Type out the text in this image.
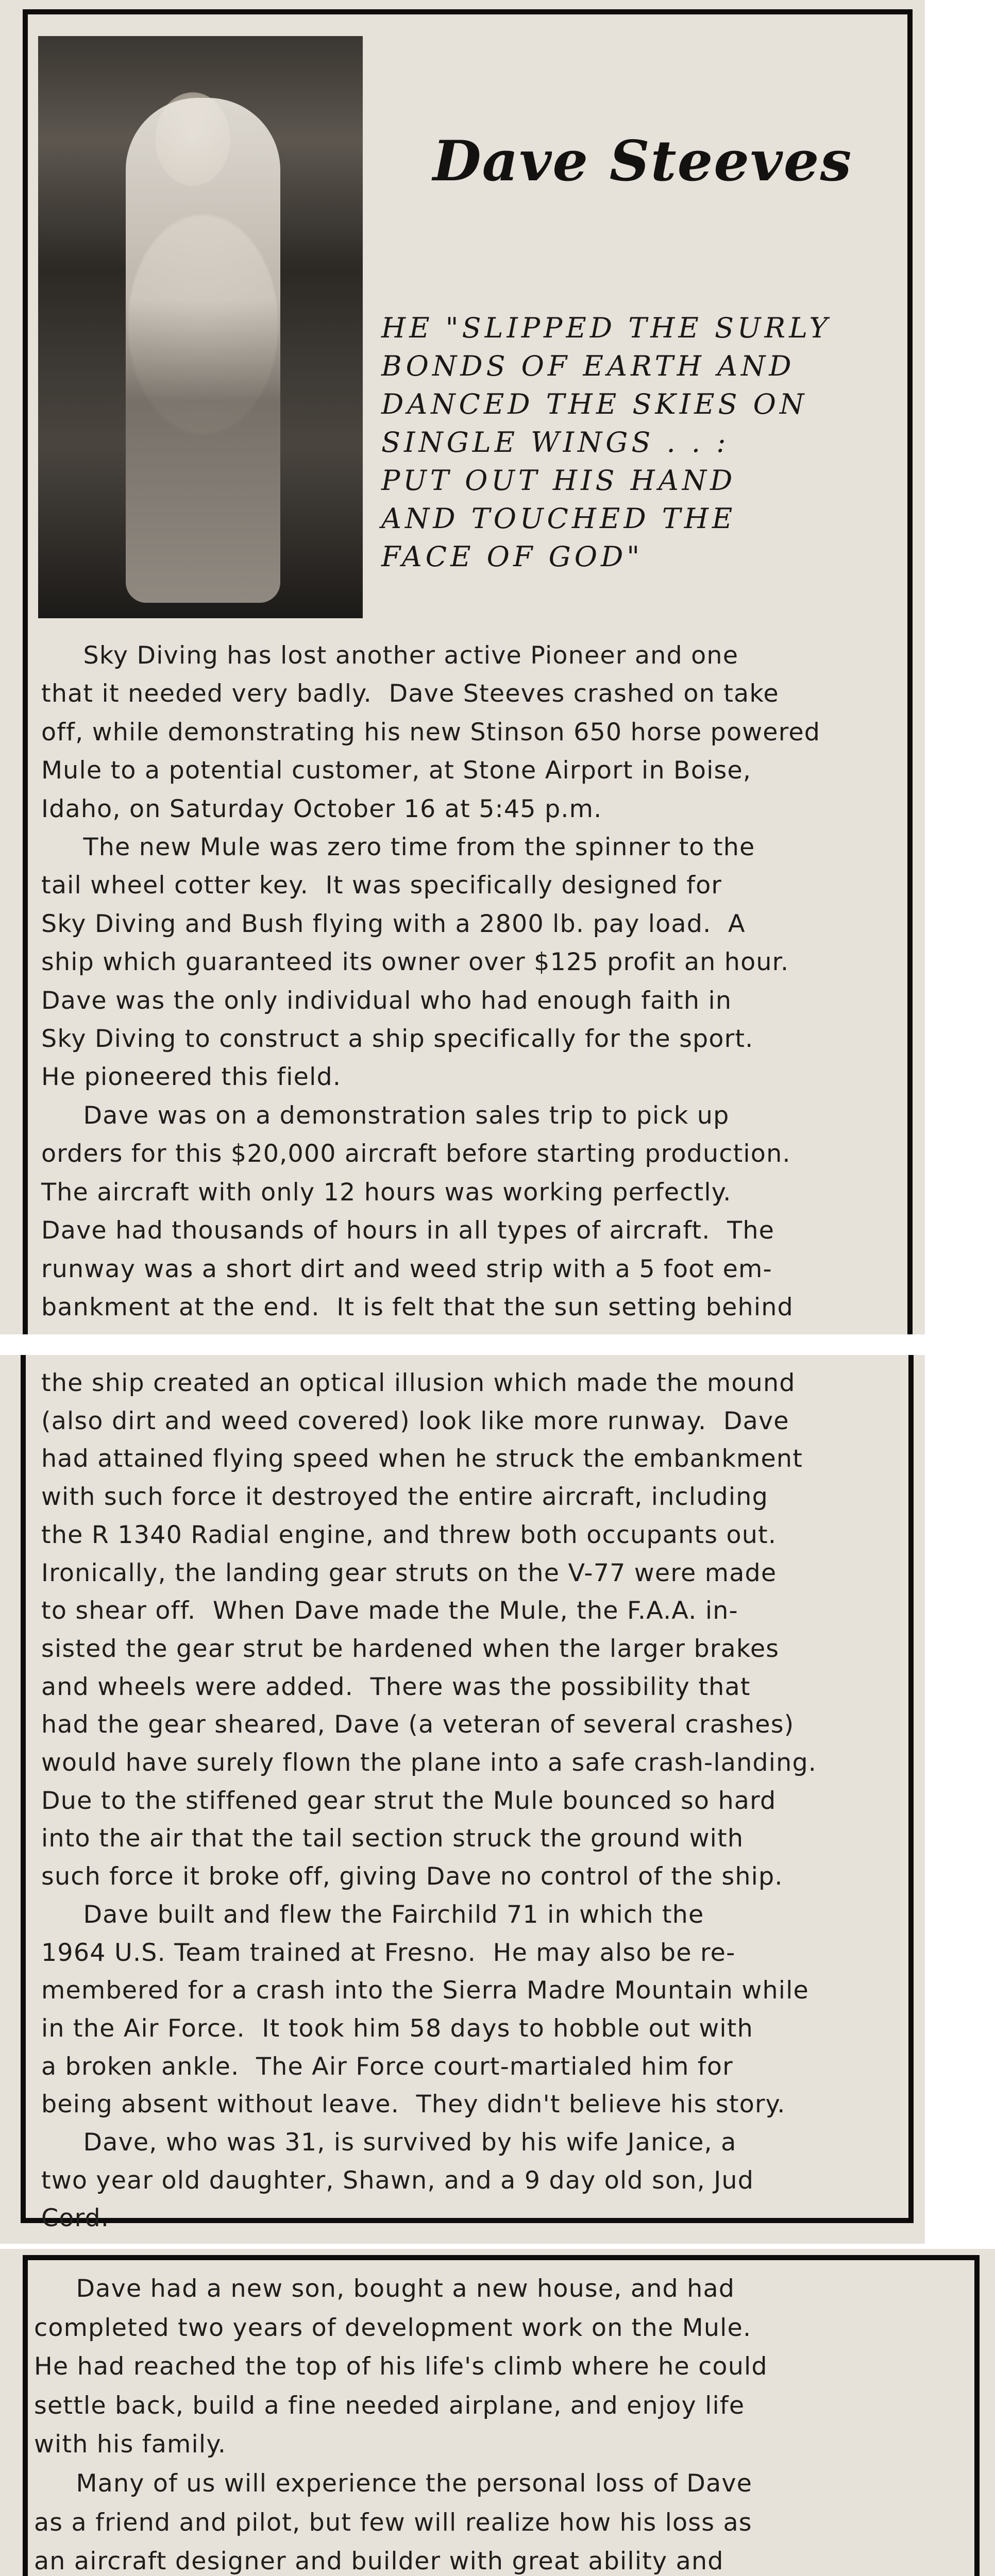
Dave Steeves
HE "SLIPPED THE SURLY
BONDS OF EARTH AND
DANCED THE SKIES ON
SINGLE WINGS . . :
PUT OUT HIS HAND
AND TOUCHED THE
FACE OF GOD"
Sky Diving has lost another active Pioneer and one
that it needed very badly.  Dave Steeves crashed on take
off, while demonstrating his new Stinson 650 horse powered
Mule to a potential customer, at Stone Airport in Boise,
Idaho, on Saturday October 16 at 5:45 p.m.
The new Mule was zero time from the spinner to the
tail wheel cotter key.  It was specifically designed for
Sky Diving and Bush flying with a 2800 lb. pay load.  A
ship which guaranteed its owner over $125 profit an hour.
Dave was the only individual who had enough faith in
Sky Diving to construct a ship specifically for the sport.
He pioneered this field.
Dave was on a demonstration sales trip to pick up
orders for this $20,000 aircraft before starting production.
The aircraft with only 12 hours was working perfectly.
Dave had thousands of hours in all types of aircraft.  The
runway was a short dirt and weed strip with a 5 foot em-
bankment at the end.  It is felt that the sun setting behind
the ship created an optical illusion which made the mound
(also dirt and weed covered) look like more runway.  Dave
had attained flying speed when he struck the embankment
with such force it destroyed the entire aircraft, including
the R 1340 Radial engine, and threw both occupants out.
Ironically, the landing gear struts on the V-77 were made
to shear off.  When Dave made the Mule, the F.A.A. in-
sisted the gear strut be hardened when the larger brakes
and wheels were added.  There was the possibility that
had the gear sheared, Dave (a veteran of several crashes)
would have surely flown the plane into a safe crash-landing.
Due to the stiffened gear strut the Mule bounced so hard
into the air that the tail section struck the ground with
such force it broke off, giving Dave no control of the ship.
Dave built and flew the Fairchild 71 in which the
1964 U.S. Team trained at Fresno.  He may also be re-
membered for a crash into the Sierra Madre Mountain while
in the Air Force.  It took him 58 days to hobble out with
a broken ankle.  The Air Force court-martialed him for
being absent without leave.  They didn't believe his story.
Dave, who was 31, is survived by his wife Janice, a
two year old daughter, Shawn, and a 9 day old son, Jud
Cord.
Dave had a new son, bought a new house, and had
completed two years of development work on the Mule.
He had reached the top of his life's climb where he could
settle back, build a fine needed airplane, and enjoy life
with his family.
Many of us will experience the personal loss of Dave
as a friend and pilot, but few will realize how his loss as
an aircraft designer and builder with great ability and
